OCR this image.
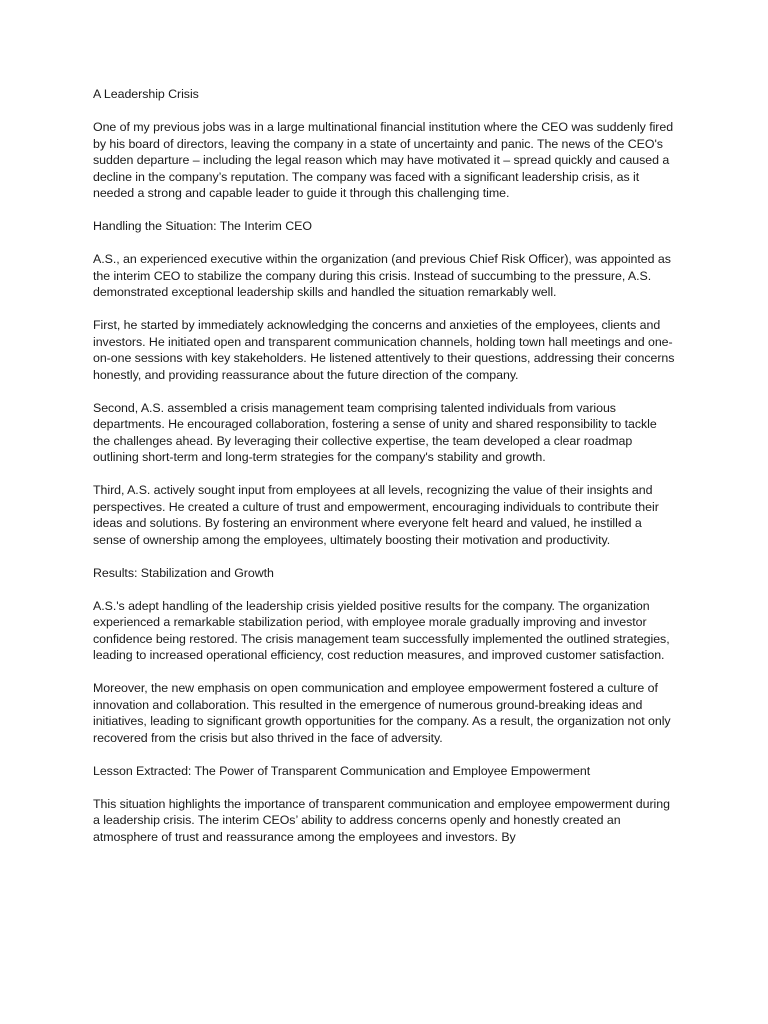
A Leadership Crisis

One of my previous jobs was in a large multinational financial institution where the CEO was suddenly fired by his board of directors, leaving the company in a state of uncertainty and panic. The news of the CEO's sudden departure – including the legal reason which may have motivated it – spread quickly and caused a decline in the company’s reputation. The company was faced with a significant leadership crisis, as it needed a strong and capable leader to guide it through this challenging time.

Handling the Situation: The Interim CEO

A.S., an experienced executive within the organization (and previous Chief Risk Officer), was appointed as the interim CEO to stabilize the company during this crisis. Instead of succumbing to the pressure, A.S. demonstrated exceptional leadership skills and handled the situation remarkably well.

First, he started by immediately acknowledging the concerns and anxieties of the employees, clients and investors. He initiated open and transparent communication channels, holding town hall meetings and one-on-one sessions with key stakeholders. He listened attentively to their questions, addressing their concerns honestly, and providing reassurance about the future direction of the company.

Second, A.S. assembled a crisis management team comprising talented individuals from various departments. He encouraged collaboration, fostering a sense of unity and shared responsibility to tackle the challenges ahead. By leveraging their collective expertise, the team developed a clear roadmap outlining short-term and long-term strategies for the company's stability and growth.

Third, A.S. actively sought input from employees at all levels, recognizing the value of their insights and perspectives. He created a culture of trust and empowerment, encouraging individuals to contribute their ideas and solutions. By fostering an environment where everyone felt heard and valued, he instilled a sense of ownership among the employees, ultimately boosting their motivation and productivity.

Results: Stabilization and Growth

A.S.'s adept handling of the leadership crisis yielded positive results for the company. The organization experienced a remarkable stabilization period, with employee morale gradually improving and investor confidence being restored. The crisis management team successfully implemented the outlined strategies, leading to increased operational efficiency, cost reduction measures, and improved customer satisfaction.

Moreover, the new emphasis on open communication and employee empowerment fostered a culture of innovation and collaboration. This resulted in the emergence of numerous ground-breaking ideas and initiatives, leading to significant growth opportunities for the company. As a result, the organization not only recovered from the crisis but also thrived in the face of adversity.

Lesson Extracted: The Power of Transparent Communication and Employee Empowerment

This situation highlights the importance of transparent communication and employee empowerment during a leadership crisis. The interim CEOs’ ability to address concerns openly and honestly created an atmosphere of trust and reassurance among the employees and investors. By
